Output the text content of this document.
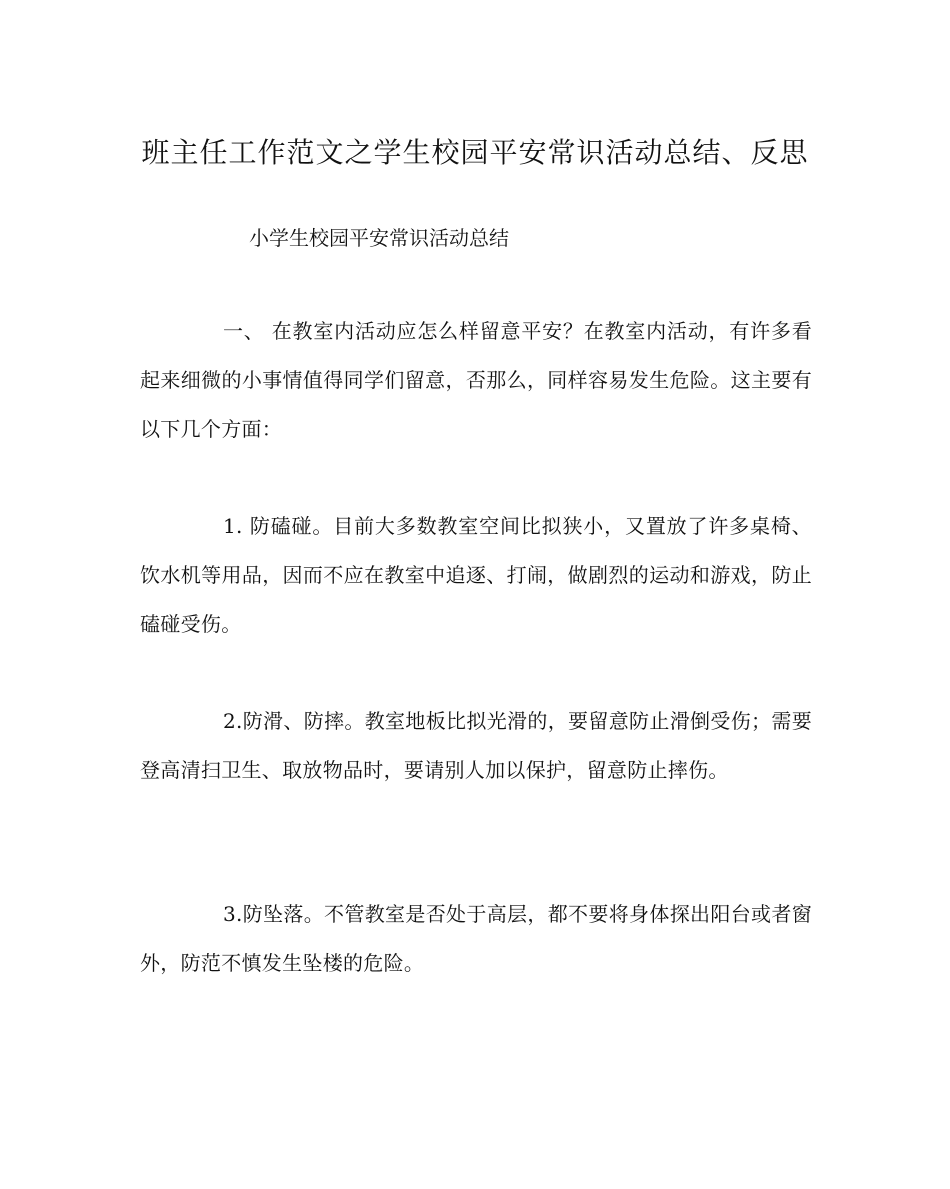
班主任工作范文之学生校园平安常识活动总结、反思
小学生校园平安常识活动总结

一、 在教室内活动应怎么样留意平安？在教室内活动，有许多看起来细微的小事情值得同学们留意，否那么，同样容易发生危险。这主要有以下几个方面：

1. 防磕碰。目前大多数教室空间比拟狭小，又置放了许多桌椅、饮水机等用品，因而不应在教室中追逐、打闹，做剧烈的运动和游戏，防止磕碰受伤。

2.防滑、防摔。教室地板比拟光滑的，要留意防止滑倒受伤；需要登高清扫卫生、取放物品时，要请别人加以保护，留意防止摔伤。

3.防坠落。不管教室是否处于高层，都不要将身体探出阳台或者窗外，防范不慎发生坠楼的危险。
